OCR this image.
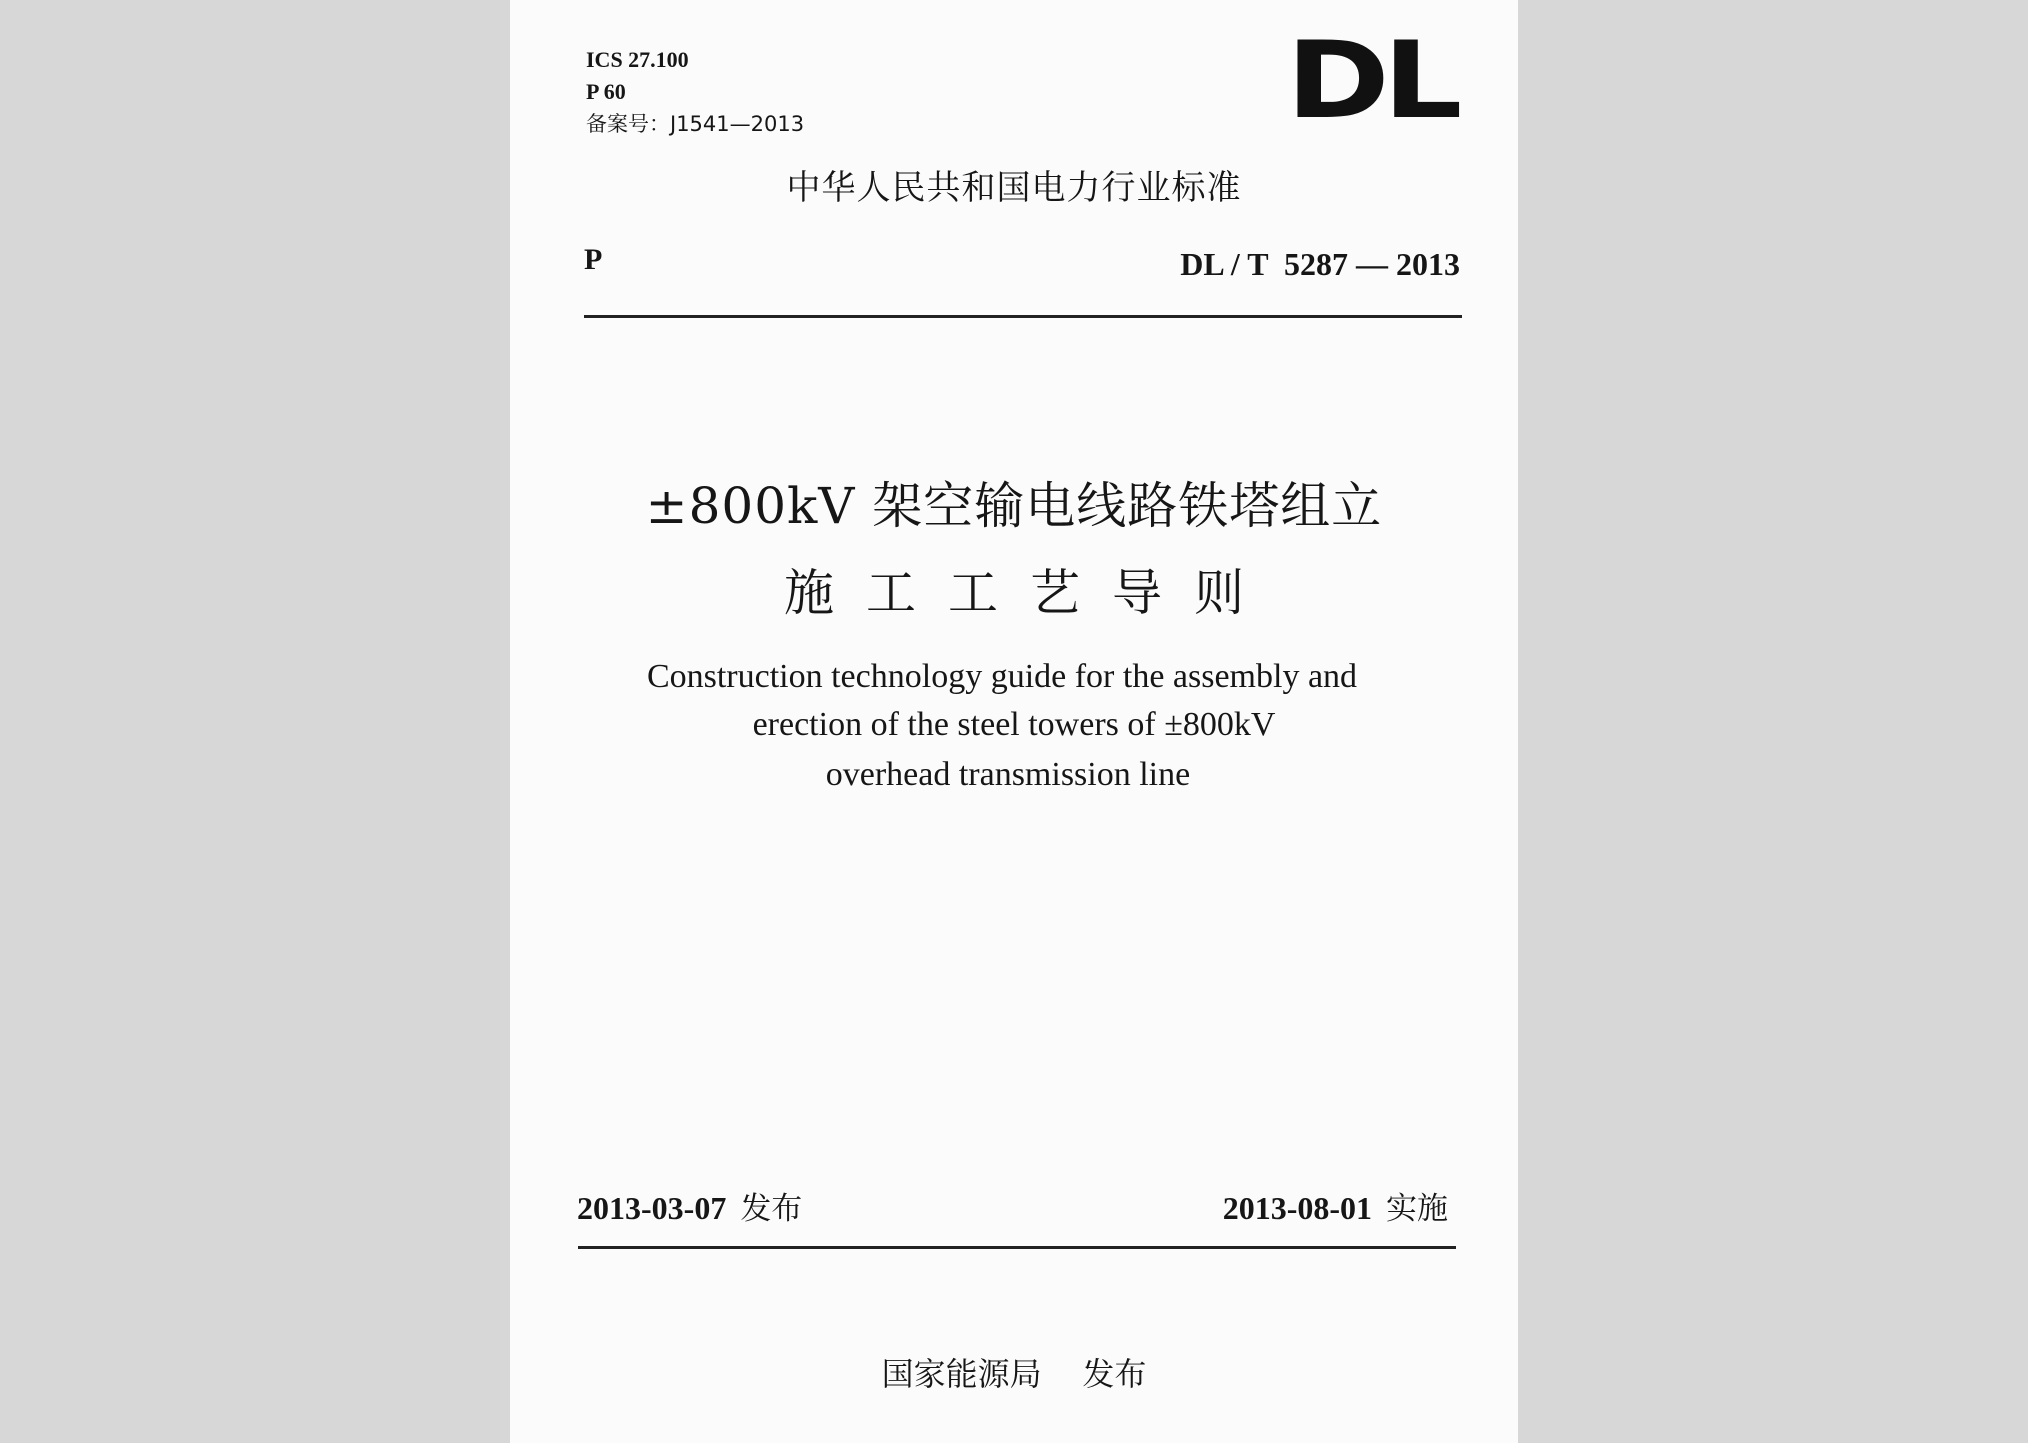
ICS 27.100
P 60
备案号：J1541—2013	DL
中华人民共和国电力行业标准
P	DL / T  5287 — 2013
±800kV 架空输电线路铁塔组立
施工工艺导则
Construction technology guide for the assembly and
erection of the steel towers of ±800kV
overhead transmission line
2013-03-07 发布	2013-08-01 实施
国家能源局    发布
